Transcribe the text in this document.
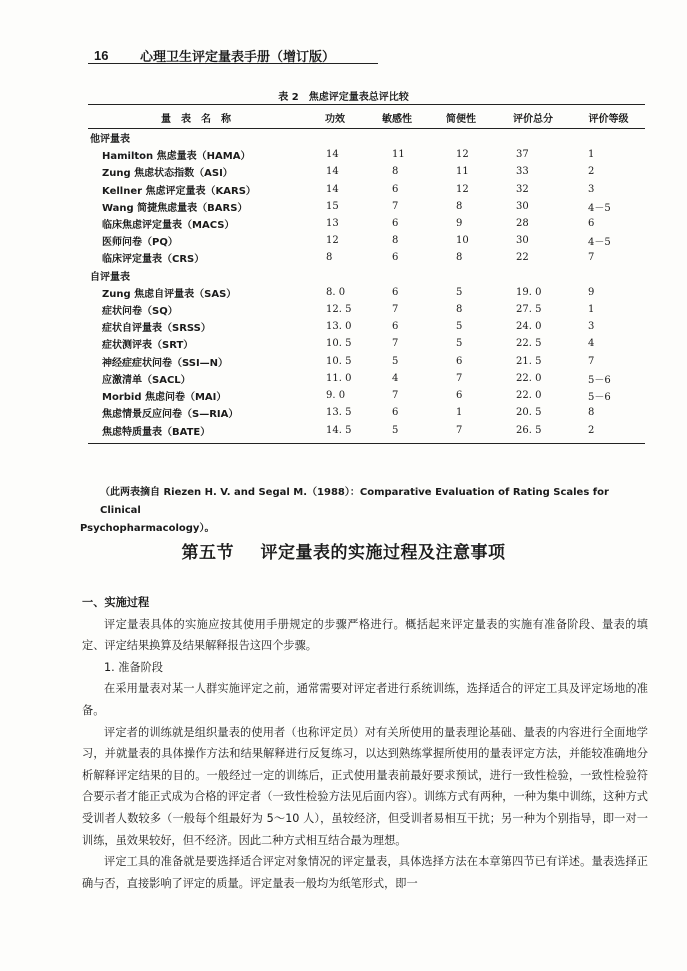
16 心理卫生评定量表手册（增订版）
表 2　焦虑评定量表总评比较
量　表　名　称	功效	敏感性	简便性	评价总分	评价等级
他评量表					
Hamilton 焦虑量表（HAMA）	14	11	12	37	1
Zung 焦虑状态指数（ASI）	14	8	11	33	2
Kellner 焦虑评定量表（KARS）	14	6	12	32	3
Wang 简捷焦虑量表（BARS）	15	7	8	30	4－5
临床焦虑评定量表（MACS）	13	6	9	28	6
医师问卷（PQ）	12	8	10	30	4－5
临床评定量表（CRS）	8	6	8	22	7
自评量表					
Zung 焦虑自评量表（SAS）	8. 0	6	5	19. 0	9
症状问卷（SQ）	12. 5	7	8	27. 5	1
症状自评量表（SRSS）	13. 0	6	5	24. 0	3
症状测评表（SRT）	10. 5	7	5	22. 5	4
神经症症状问卷（SSI—N）	10. 5	5	6	21. 5	7
应激清单（SACL）	11. 0	4	7	22. 0	5－6
Morbid 焦虑问卷（MAI）	9. 0	7	6	22. 0	5－6
焦虑情景反应问卷（S—RIA）	13. 5	6	1	20. 5	8
焦虑特质量表（BATE）	14. 5	5	7	26. 5	2
（此两表摘自 Riezen H. V. and Segal M.（1988）：Comparative Evaluation of Rating Scales for Clinical
Psychopharmacology）。
第五节 评定量表的实施过程及注意事项

一、实施过程

评定量表具体的实施应按其使用手册规定的步骤严格进行。概括起来评定量表的实施有准备阶段、量表的填定、评定结果换算及结果解释报告这四个步骤。

1. 准备阶段

在采用量表对某一人群实施评定之前，通常需要对评定者进行系统训练，选择适合的评定工具及评定场地的准备。

评定者的训练就是组织量表的使用者（也称评定员）对有关所使用的量表理论基础、量表的内容进行全面地学习，并就量表的具体操作方法和结果解释进行反复练习，以达到熟练掌握所使用的量表评定方法，并能较准确地分析解释评定结果的目的。一般经过一定的训练后，正式使用量表前最好要求预试，进行一致性检验，一致性检验符合要示者才能正式成为合格的评定者（一致性检验方法见后面内容）。训练方式有两种，一种为集中训练，这种方式受训者人数较多（一般每个组最好为 5～10 人），虽较经济，但受训者易相互干扰；另一种为个别指导，即一对一训练，虽效果较好，但不经济。因此二种方式相互结合最为理想。

评定工具的准备就是要选择适合评定对象情况的评定量表，具体选择方法在本章第四节已有详述。量表选择正确与否，直接影响了评定的质量。评定量表一般均为纸笔形式，即一
